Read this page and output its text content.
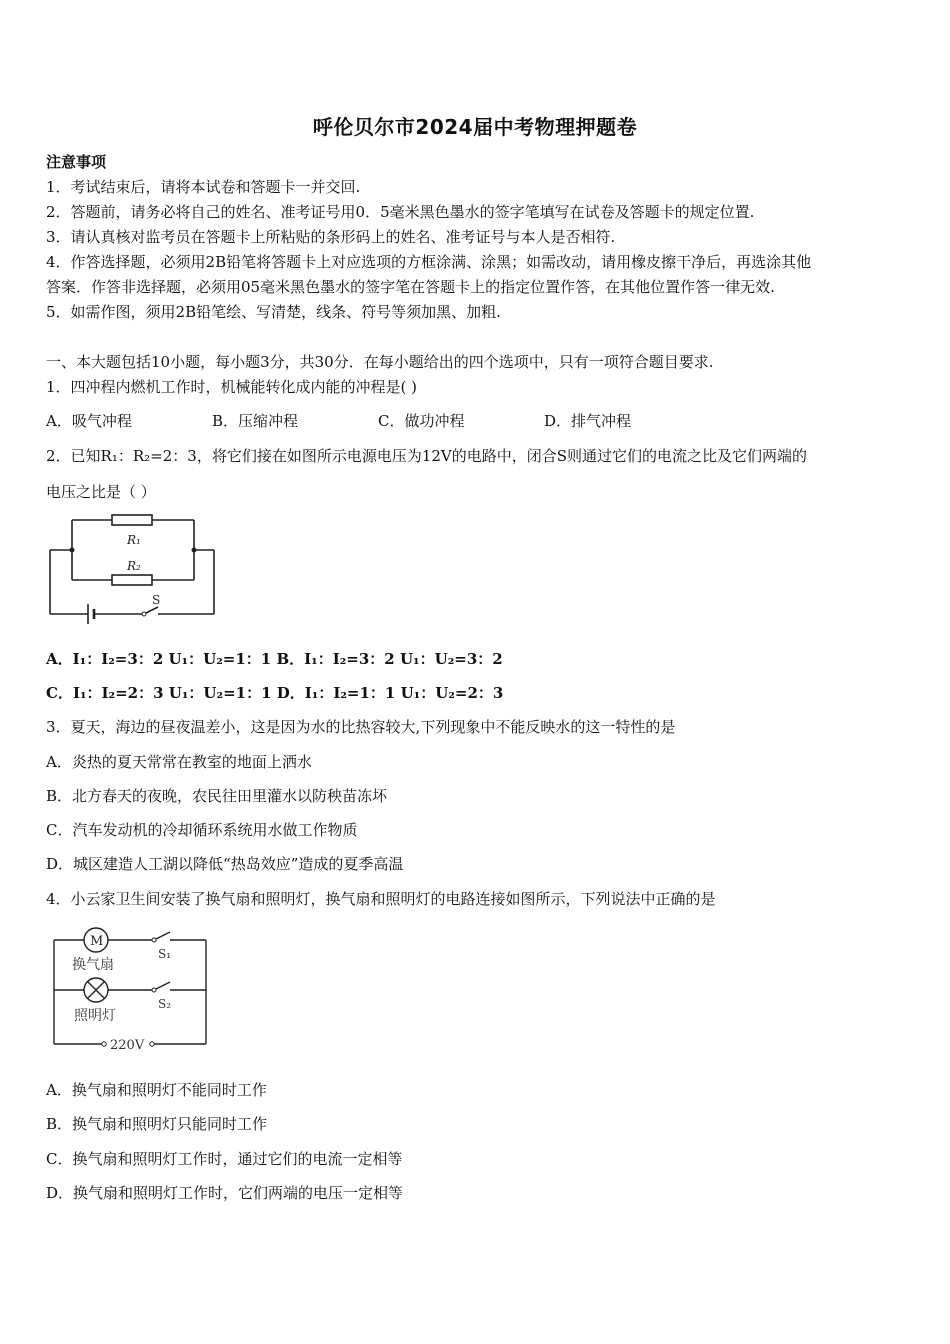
呼伦贝尔市2024届中考物理押题卷
注意事项
1．考试结束后，请将本试卷和答题卡一并交回.
2．答题前，请务必将自己的姓名、准考证号用0．5毫米黑色墨水的签字笔填写在试卷及答题卡的规定位置.
3．请认真核对监考员在答题卡上所粘贴的条形码上的姓名、准考证号与本人是否相符.
4．作答选择题，必须用2B铅笔将答题卡上对应选项的方框涂满、涂黑；如需改动，请用橡皮擦干净后，再选涂其他
答案．作答非选择题，必须用05毫米黑色墨水的签字笔在答题卡上的指定位置作答，在其他位置作答一律无效.
5．如需作图，须用2B铅笔绘、写清楚，线条、符号等须加黑、加粗.
一、本大题包括10小题，每小题3分，共30分．在每小题给出的四个选项中，只有一项符合题目要求.
1．四冲程内燃机工作时，机械能转化成内能的冲程是( )
A．吸气冲程	B．压缩冲程	C．做功冲程	D．排气冲程
2．已知R₁：R₂=2：3，将它们接在如图所示电源电压为12V的电路中，闭合S则通过它们的电流之比及它们两端的
电压之比是（ ）
R₁
R₂
S
A．I₁：I₂=3：2 U₁：U₂=1：1 B．I₁：I₂=3：2 U₁：U₂=3：2
C．I₁：I₂=2：3 U₁：U₂=1：1 D．I₁：I₂=1：1 U₁：U₂=2：3
3．夏天，海边的昼夜温差小，这是因为水的比热容较大,下列现象中不能反映水的这一特性的是
A．炎热的夏天常常在教室的地面上洒水
B．北方春天的夜晚，农民往田里灌水以防秧苗冻坏
C．汽车发动机的冷却循环系统用水做工作物质
D．城区建造人工湖以降低“热岛效应”造成的夏季高温
4．小云家卫生间安装了换气扇和照明灯，换气扇和照明灯的电路连接如图所示，下列说法中正确的是
M
换气扇
照明灯
S₁
S₂
220V
A．换气扇和照明灯不能同时工作
B．换气扇和照明灯只能同时工作
C．换气扇和照明灯工作时，通过它们的电流一定相等
D．换气扇和照明灯工作时，它们两端的电压一定相等
